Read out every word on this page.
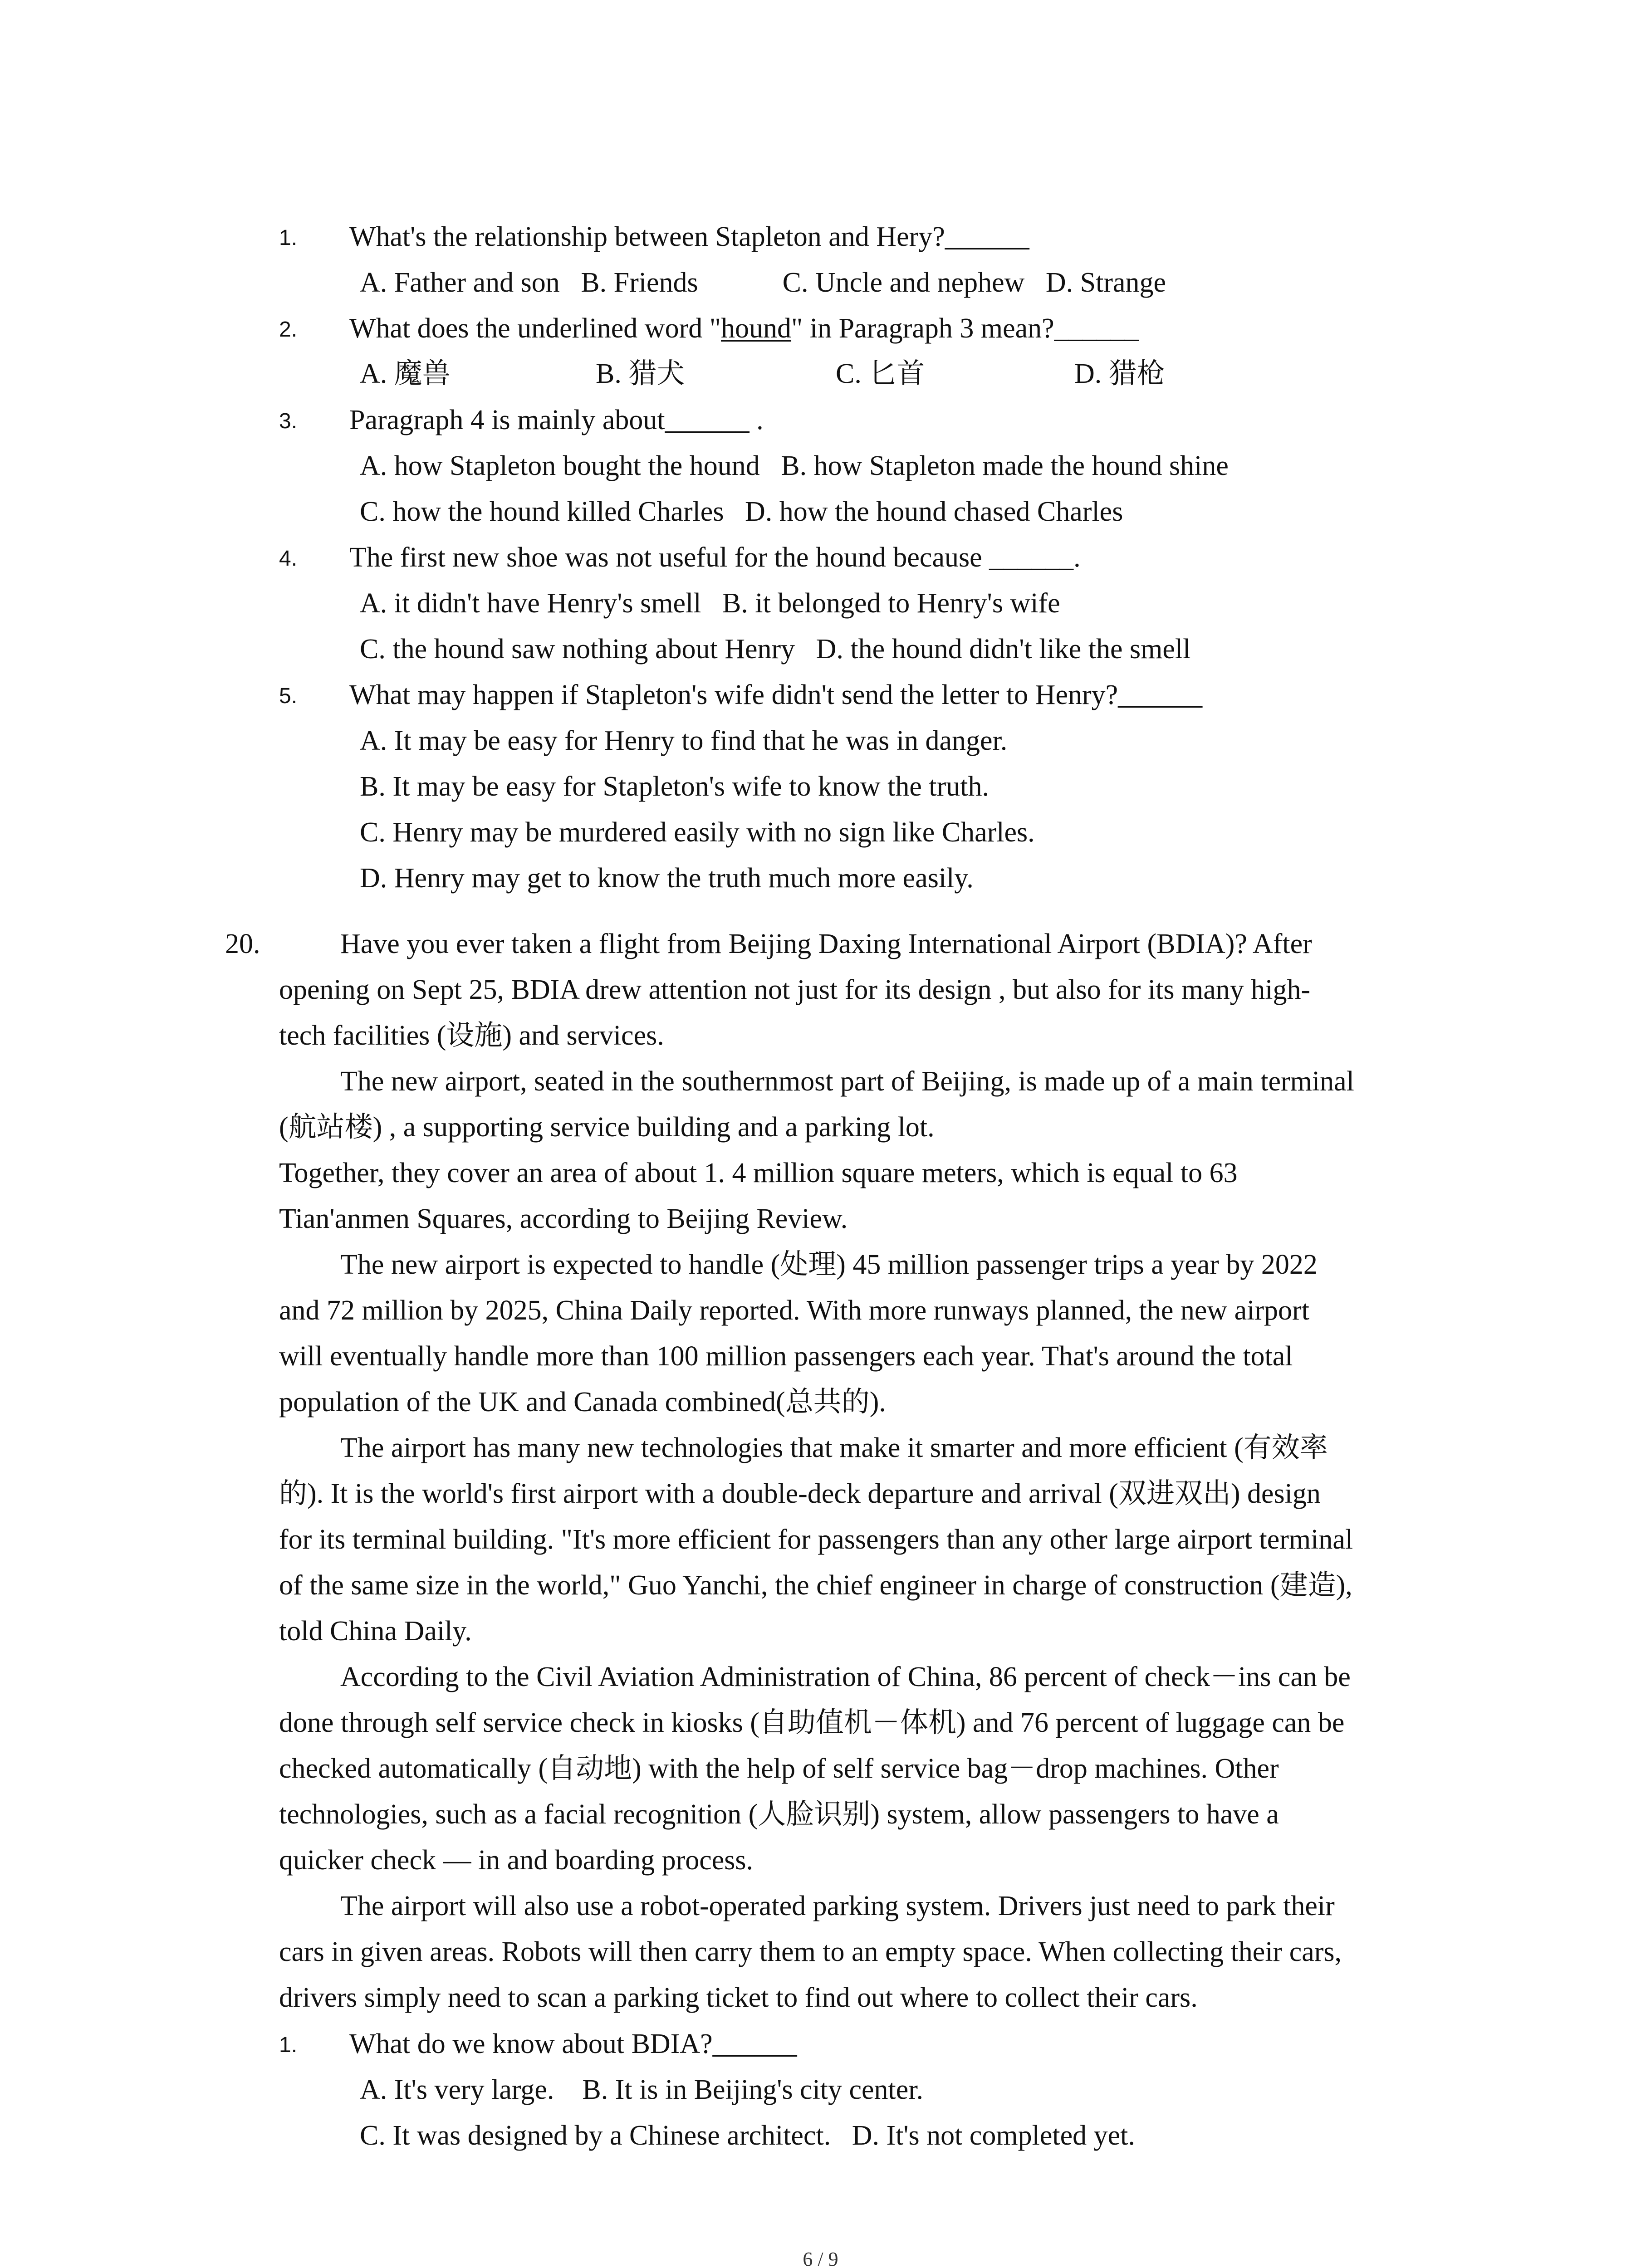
1. What's the relationship between Stapleton and Hery?______
A. Father and son   B. Friends            C. Uncle and nephew   D. Strange
2. What does the underlined word "hound" in Paragraph 3 mean?______
A. 魔兽	B. 猎犬	C. 匕首	D. 猎枪
3. Paragraph 4 is mainly about______ .
A. how Stapleton bought the hound   B. how Stapleton made the hound shine
C. how the hound killed Charles   D. how the hound chased Charles
4. The first new shoe was not useful for the hound because ______.
A. it didn't have Henry's smell   B. it belonged to Henry's wife
C. the hound saw nothing about Henry   D. the hound didn't like the smell
5. What may happen if Stapleton's wife didn't send the letter to Henry?______
A. It may be easy for Henry to find that he was in danger.
B. It may be easy for Stapleton's wife to know the truth.
C. Henry may be murdered easily with no sign like Charles.
D. Henry may get to know the truth much more easily.
20.	Have you ever taken a flight from Beijing Daxing International Airport (BDIA)? After
opening on Sept 25, BDIA drew attention not just for its design , but also for its many high-
tech facilities (设施) and services.
The new airport, seated in the southernmost part of Beijing, is made up of a main terminal
(航站楼) , a supporting service building and a parking lot.
Together, they cover an area of about 1. 4 million square meters, which is equal to 63
Tian'anmen Squares, according to Beijing Review.
The new airport is expected to handle (处理) 45 million passenger trips a year by 2022
and 72 million by 2025, China Daily reported. With more runways planned, the new airport
will eventually handle more than 100 million passengers each year. That's around the total
population of the UK and Canada combined(总共的).
The airport has many new technologies that make it smarter and more efficient (有效率
的). It is the world's first airport with a double-deck departure and arrival (双进双出) design
for its terminal building. "It's more efficient for passengers than any other large airport terminal
of the same size in the world," Guo Yanchi, the chief engineer in charge of construction (建造),
told China Daily.
According to the Civil Aviation Administration of China, 86 percent of check－ins can be
done through self service check in kiosks (自助值机－体机) and 76 percent of luggage can be
checked automatically (自动地) with the help of self service bag－drop machines. Other
technologies, such as a facial recognition (人脸识别) system, allow passengers to have a
quicker check — in and boarding process.
The airport will also use a robot-operated parking system. Drivers just need to park their
cars in given areas. Robots will then carry them to an empty space. When collecting their cars,
drivers simply need to scan a parking ticket to find out where to collect their cars.
1. What do we know about BDIA?______
A. It's very large.    B. It is in Beijing's city center.
C. It was designed by a Chinese architect.   D. It's not completed yet.
6 / 9
